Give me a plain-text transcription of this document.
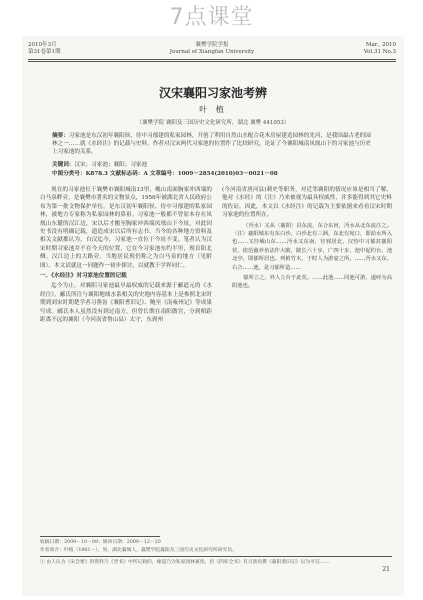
7点课堂
2010年3月
第31卷第1期
襄樊学院学报
Journal of Xiangfan University
Mar., 2010
Vol.31 No.3
汉宋襄阳习家池考辨
叶 植
（襄樊学院 襄阳及三国历史文化研究所，湖北 襄樊 441053）
摘要：习家池是东汉初年襄阳侯、侍中习郁建的私家园林，开创了利用自然山水配合花木房屋建造园林的先河，是我国最古老的园林之一……就《水经注》的记载与史料，作者对汉宋两代习家池的位置作了比较研究，论证了今襄阳城南凤凰山下的习家池与历史上习家池的关系。
关键词：汉宋；习家池；襄阳；习家池
中图分类号：K878.3 文献标志码：A 文章编号：1009－2854(2010)03－0021－08

现在的习家池位于襄樊市襄阳城南13里、岘山南面胸家冲西端的白马泉畔旁，是襄樊市著名的文物景点，1956年被湖北省人民政府公布为第一批文物保护单位。是东汉初年襄阳侯、侍中习郁建的私家园林，被地方专家称为私家园林的鼻祖。习家池一般都不曾原本存在凤凰山东麓的汉江边，宋以后才搬至胸家冲西端凤凰山下今址，对此因史书没有明确记载，遗造成宋以后所有志书、当今的各种地方资料及相关文献都认为，自汉迄今，习家池一直位于今址不变。笔者认为汉宋时期习家池并不在今天的位置，它在今习家池东约半里，现首阳北侧、汉江边上的大路旁，当地居民现仍称之为白马泉的地方（见附图）。本文试就这一问题作一初步探讨，以就教于学界同仁。

一、《水经注》对习家池位置的记载

迄今为止，对襄阳习家池最早最权威的记载来源于郦道元的《水经注》。郦氏所注与襄阳地域水系相关的史地内容基本上是参照北宋时期到刘宋时期楚学者习凿齿《襄阳耆旧记》、鲍至《南雍州记》等成果写成。郦氏本人虽然没有到过南方，但曾长期在南阳做官，分到相距距离不远的襄阳（今河南省鲁山县）太守，东到州

(今河南省唐河县)刺史等职务，对近邻襄阳的情况应该是相当了解，他对《水经》的《注》乃来被视为最具权威性，并多能得到其它史料的佐证。因此，本文以《水经注》的记载为主要依据来看看汉宋时期习家池的位置所在。

（沔水）又从〈襄阳〉县东流，东合东河，沔水从北东流注之。〈注〉襄阳城东有东白沙，白沙北有三洲，东北有宛口，即涢水所入也……又径岘山东……沔水又东南，径邪居北，汉侍中习郁封襄阳侯，依范蠡养鱼法作大陂，陂长六十步，广四十步，池中起钓台，池北亭，即郁所居也。列植竹木，于时人为游宴之所。……沔水又东，右合……池，是习郁所造……

郁所立之，外人立台于此矣。……此池……同池可游，遂呼为高阳池也。

收稿日期：2009－10－09；修回日期：2009－12－20
作者简介：叶植（1961－），男，湖北襄城人，襄樊学院襄阳及三国历史文化研究所研究员。
① 由人认为《宋会要》的资料乃《晋书》中所记载的，缘道乃为私家园林兼指，但《四库全书》有习凿齿撰《襄阳耆旧记》以为可信……
21
